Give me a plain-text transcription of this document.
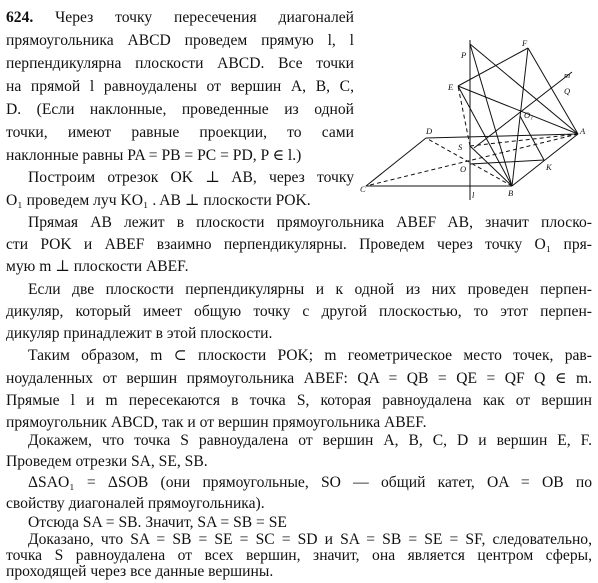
624. Через точку пересечения диагоналей
прямоугольника ABCD проведем прямую l, l
перпендикулярна плоскости ABCD. Все точки
на прямой l равноудалены от вершин A, B, C,
D. (Если наклонные, проведенные из одной
точки, имеют равные проекции, то сами
наклонные равны PA = PB = PC = PD, P ∈ l.)
Построим отрезок OK ⊥ AB, через точку
O₁ проведем луч KO₁ . AB ⊥ плоскости POK.
Прямая AB лежит в плоскости прямоугольника ABEF AB, значит плоско-
сти POK и ABEF взаимно перпендикулярны. Проведем через точку O₁ пря-
мую m ⊥ плоскости ABEF.
Если две плоскости перпендикулярны и к одной из них проведен перпен-
дикуляр, который имеет общую точку с другой плоскостью, то этот перпен-
дикуляр принадлежит в этой плоскости.
Таким образом, m ⊂ плоскости POK; m геометрическое место точек, рав-
ноудаленных от вершин прямоугольника ABEF: QA = QB = QE = QF Q ∈ m.
Прямые l и m пересекаются в точка S, которая равноудалена как от вершин
прямоугольник ABCD, так и от вершин прямоугольника ABEF.
Докажем, что точка S равноудалена от вершин A, B, C, D и вершин E, F.
Проведем отрезки SA, SE, SB.
ΔSAO₁ = ΔSOB (они прямоугольные, SO — общий катет, OA = OB по
свойству диагоналей прямоугольника).
Отсюда SA = SB. Значит, SA = SB = SE
Доказано, что SA = SB = SE = SC = SD и SA = SB = SE = SF, следовательно,
точка S равноудалена от всех вершин, значит, она является центром сферы,
P
F
E
m
Q
O₁
A
D
S
O	K
C
l	B
проходящей через все данные вершины.
